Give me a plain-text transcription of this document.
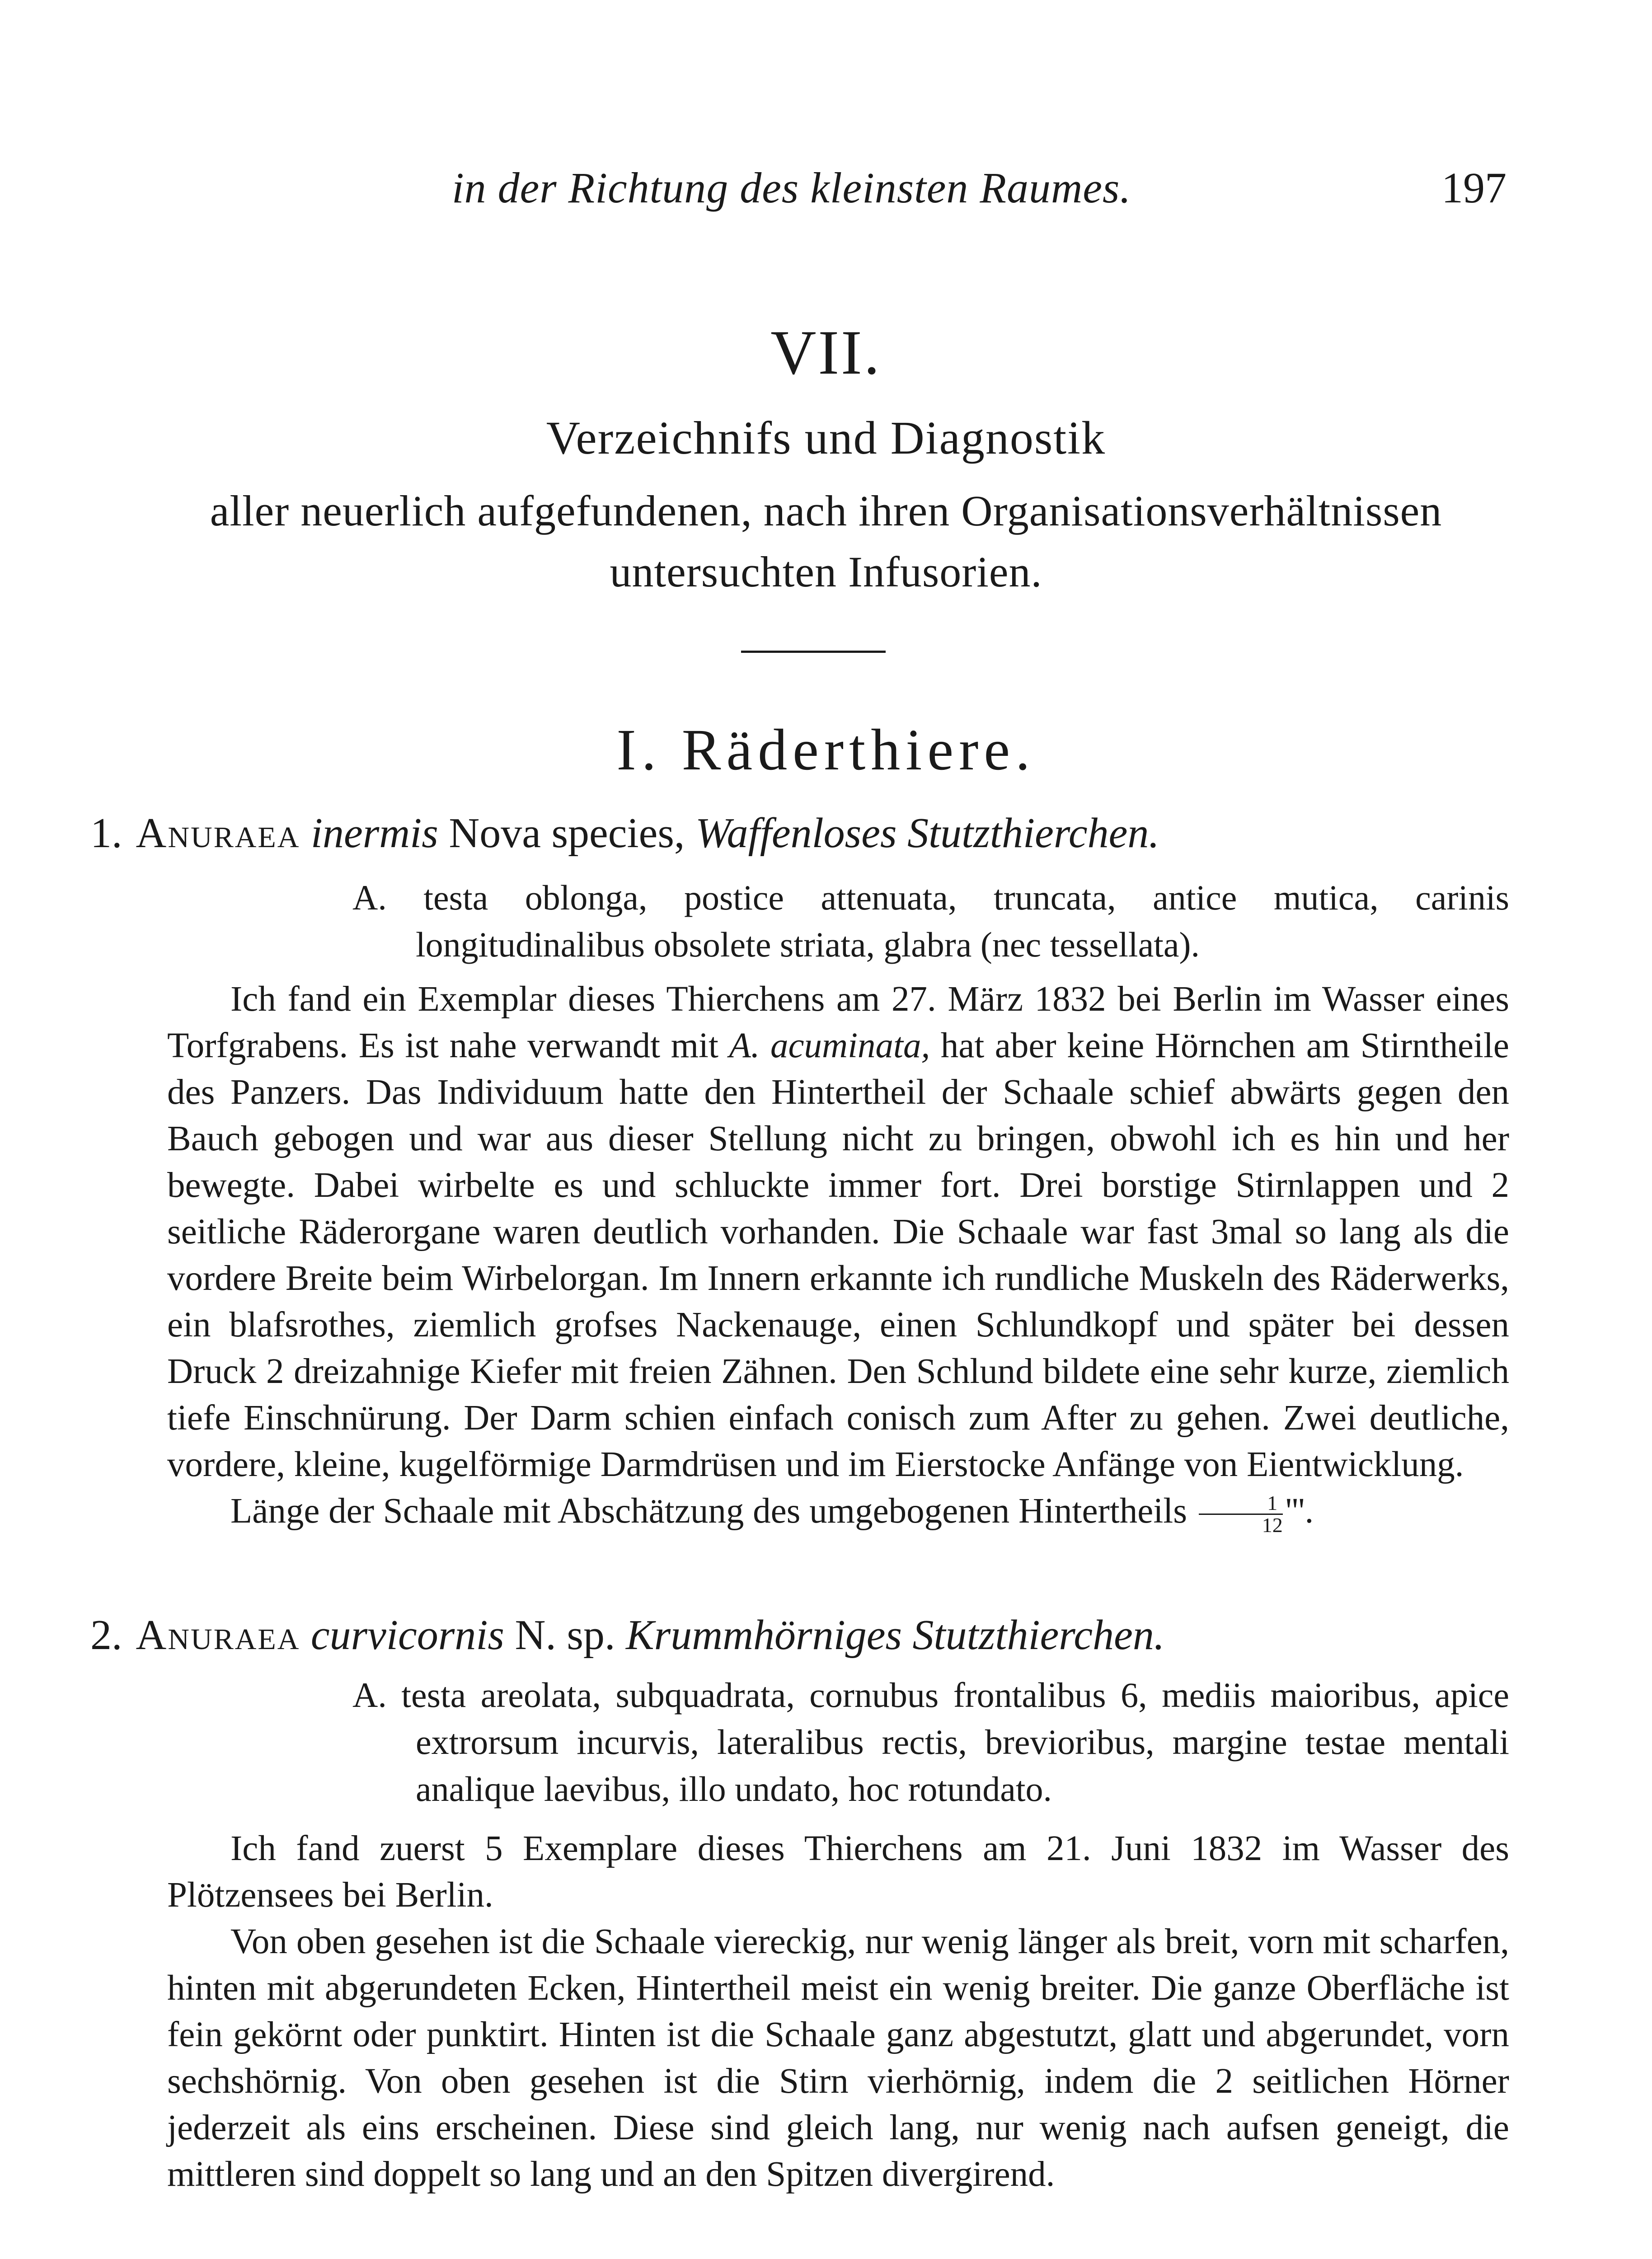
in der Richtung des kleinsten Raumes.	197
VII.
Verzeichnifs und Diagnostik
aller neuerlich aufgefundenen, nach ihren Organisationsverhältnissen
untersuchten Infusorien.
I. Räderthiere.
1. Anuraea inermis Nova species, Waffenloses Stutzthierchen.

A. testa oblonga, postice attenuata, truncata, antice mutica, carinis longitudinalibus obsolete striata, glabra (nec tessellata).

Ich fand ein Exemplar dieses Thierchens am 27. März 1832 bei Berlin im Wasser eines Torfgrabens. Es ist nahe verwandt mit A. acuminata, hat aber keine Hörnchen am Stirntheile des Panzers. Das Individuum hatte den Hintertheil der Schaale schief abwärts gegen den Bauch gebogen und war aus dieser Stellung nicht zu bringen, obwohl ich es hin und her bewegte. Dabei wirbelte es und schluckte immer fort. Drei borstige Stirnlappen und 2 seitliche Räderorgane waren deutlich vorhanden. Die Schaale war fast 3mal so lang als die vordere Breite beim Wirbelorgan. Im Innern erkannte ich rundliche Muskeln des Räderwerks, ein blafsrothes, ziemlich grofses Nackenauge, einen Schlundkopf und später bei dessen Druck 2 dreizahnige Kiefer mit freien Zähnen. Den Schlund bildete eine sehr kurze, ziemlich tiefe Einschnürung. Der Darm schien einfach conisch zum After zu gehen. Zwei deutliche, vordere, kleine, kugelförmige Darmdrüsen und im Eierstocke Anfänge von Eientwicklung.

Länge der Schaale mit Abschätzung des umgebogenen Hintertheils $\frac{1}{12}$ '''.

2. Anuraea curvicornis N. sp. Krummhörniges Stutzthierchen.

A. testa areolata, subquadrata, cornubus frontalibus 6, mediis maioribus, apice extrorsum incurvis, lateralibus rectis, brevioribus, margine testae mentali analique laevibus, illo undato, hoc rotundato.

Ich fand zuerst 5 Exemplare dieses Thierchens am 21. Juni 1832 im Wasser des Plötzensees bei Berlin.

Von oben gesehen ist die Schaale viereckig, nur wenig länger als breit, vorn mit scharfen, hinten mit abgerundeten Ecken, Hintertheil meist ein wenig breiter. Die ganze Oberfläche ist fein gekörnt oder punktirt. Hinten ist die Schaale ganz abgestutzt, glatt und abgerundet, vorn sechshörnig. Von oben gesehen ist die Stirn vierhörnig, indem die 2 seitlichen Hörner jederzeit als eins erscheinen. Diese sind gleich lang, nur wenig nach aufsen geneigt, die mittleren sind doppelt so lang und an den Spitzen divergirend.
